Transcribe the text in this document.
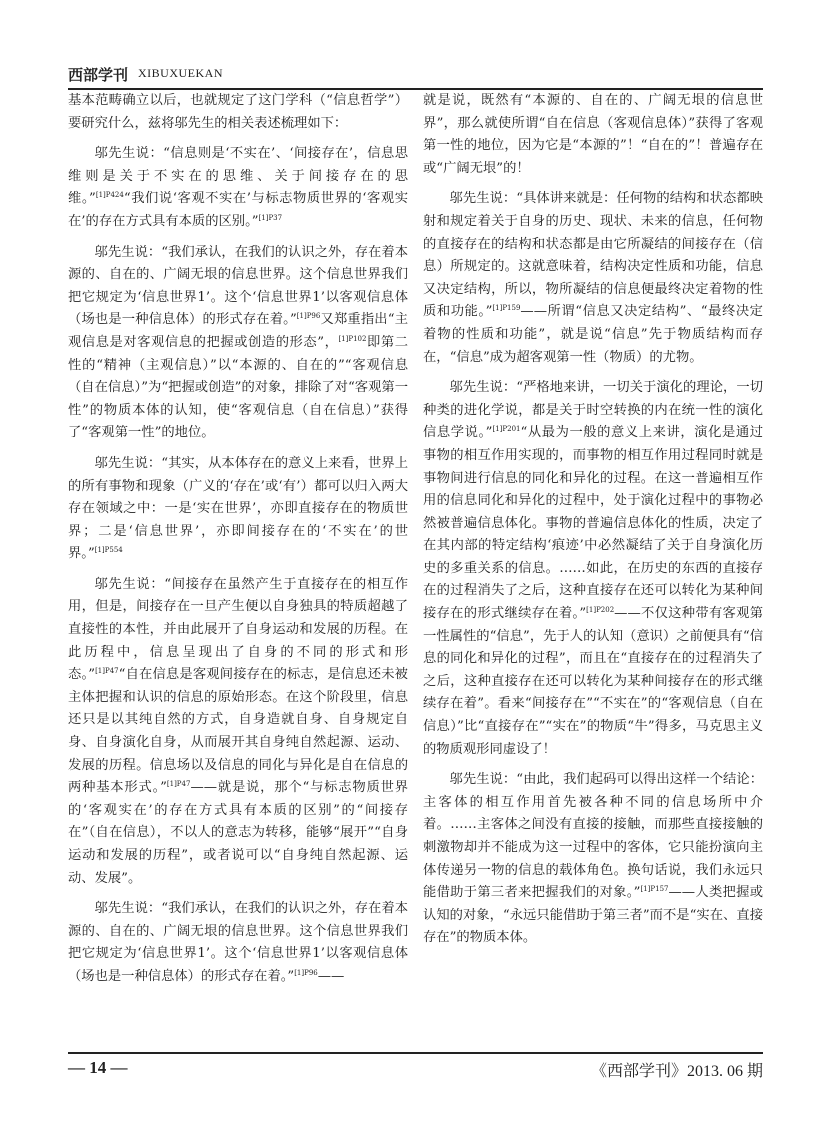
西部学刊 XIBUXUEKAN

基本范畴确立以后，也就规定了这门学科（“信息哲学”）要研究什么，兹将邬先生的相关表述梳理如下：

邬先生说：“信息则是‘不实在’、‘间接存在’，信息思维则是关于不实在的思维、关于间接存在的思维。”$^{[1]P424}$“我们说‘客观不实在’与标志物质世界的‘客观实在’的存在方式具有本质的区别。”$^{[1]P37}$

邬先生说：“我们承认，在我们的认识之外，存在着本源的、自在的、广阔无垠的信息世界。这个信息世界我们把它规定为‘信息世界1’。这个‘信息世界1’以客观信息体（场也是一种信息体）的形式存在着。”$^{[1]P96}$又郑重指出“主观信息是对客观信息的把握或创造的形态”，$^{[1]P102}$即第二性的“精神（主观信息）”以“本源的、自在的”“客观信息（自在信息）”为“把握或创造”的对象，排除了对“客观第一性”的物质本体的认知，使“客观信息（自在信息）”获得了“客观第一性”的地位。

邬先生说：“其实，从本体存在的意义上来看，世界上的所有事物和现象（广义的‘存在’或‘有’）都可以归入两大存在领域之中：一是‘实在世界’，亦即直接存在的物质世界；二是‘信息世界’，亦即间接存在的‘不实在’的世界。”$^{[1]P554}$

邬先生说：“间接存在虽然产生于直接存在的相互作用，但是，间接存在一旦产生便以自身独具的特质超越了直接性的本性，并由此展开了自身运动和发展的历程。在此历程中，信息呈现出了自身的不同的形式和形态。”$^{[1]P47}$“自在信息是客观间接存在的标志，是信息还未被主体把握和认识的信息的原始形态。在这个阶段里，信息还只是以其纯自然的方式，自身造就自身、自身规定自身、自身演化自身，从而展开其自身纯自然起源、运动、发展的历程。信息场以及信息的同化与异化是自在信息的两种基本形式。”$^{[1]P47}$——就是说，那个“与标志物质世界的‘客观实在’的存在方式具有本质的区别”的“间接存在”（自在信息），不以人的意志为转移，能够“展开”“自身运动和发展的历程”，或者说可以“自身纯自然起源、运动、发展”。

邬先生说：“我们承认，在我们的认识之外，存在着本源的、自在的、广阔无垠的信息世界。这个信息世界我们把它规定为‘信息世界1’。这个‘信息世界1’以客观信息体（场也是一种信息体）的形式存在着。”$^{[1]P96}$——

就是说，既然有“本源的、自在的、广阔无垠的信息世界”，那么就使所谓“自在信息（客观信息体）”获得了客观第一性的地位，因为它是“本源的”！“自在的”！普遍存在或“广阔无垠”的！

邬先生说：“具体讲来就是：任何物的结构和状态都映射和规定着关于自身的历史、现状、未来的信息，任何物的直接存在的结构和状态都是由它所凝结的间接存在（信息）所规定的。这就意味着，结构决定性质和功能，信息又决定结构，所以，物所凝结的信息便最终决定着物的性质和功能。”$^{[1]P159}$——所谓“信息又决定结构”、“最终决定着物的性质和功能”，就是说“信息”先于物质结构而存在，“信息”成为超客观第一性（物质）的尤物。

邬先生说：“严格地来讲，一切关于演化的理论，一切种类的进化学说，都是关于时空转换的内在统一性的演化信息学说。”$^{[1]P201}$“从最为一般的意义上来讲，演化是通过事物的相互作用实现的，而事物的相互作用过程同时就是事物间进行信息的同化和异化的过程。在这一普遍相互作用的信息同化和异化的过程中，处于演化过程中的事物必然被普遍信息体化。事物的普遍信息体化的性质，决定了在其内部的特定结构‘痕迹’中必然凝结了关于自身演化历史的多重关系的信息。……如此，在历史的东西的直接存在的过程消失了之后，这种直接存在还可以转化为某种间接存在的形式继续存在着。”$^{[1]P202}$——不仅这种带有客观第一性属性的“信息”，先于人的认知（意识）之前便具有“信息的同化和异化的过程”，而且在“直接存在的过程消失了之后，这种直接存在还可以转化为某种间接存在的形式继续存在着”。看来“间接存在”“不实在”的“客观信息（自在信息）”比“直接存在”“实在”的物质“牛”得多，马克思主义的物质观形同虚设了！

邬先生说：“由此，我们起码可以得出这样一个结论：主客体的相互作用首先被各种不同的信息场所中介着。……主客体之间没有直接的接触，而那些直接接触的刺激物却并不能成为这一过程中的客体，它只能扮演向主体传递另一物的信息的载体角色。换句话说，我们永远只能借助于第三者来把握我们的对象。”$^{[1]P157}$——人类把握或认知的对象，“永远只能借助于第三者”而不是“实在、直接存在”的物质本体。

— 14 —	《西部学刊》2013. 06 期
